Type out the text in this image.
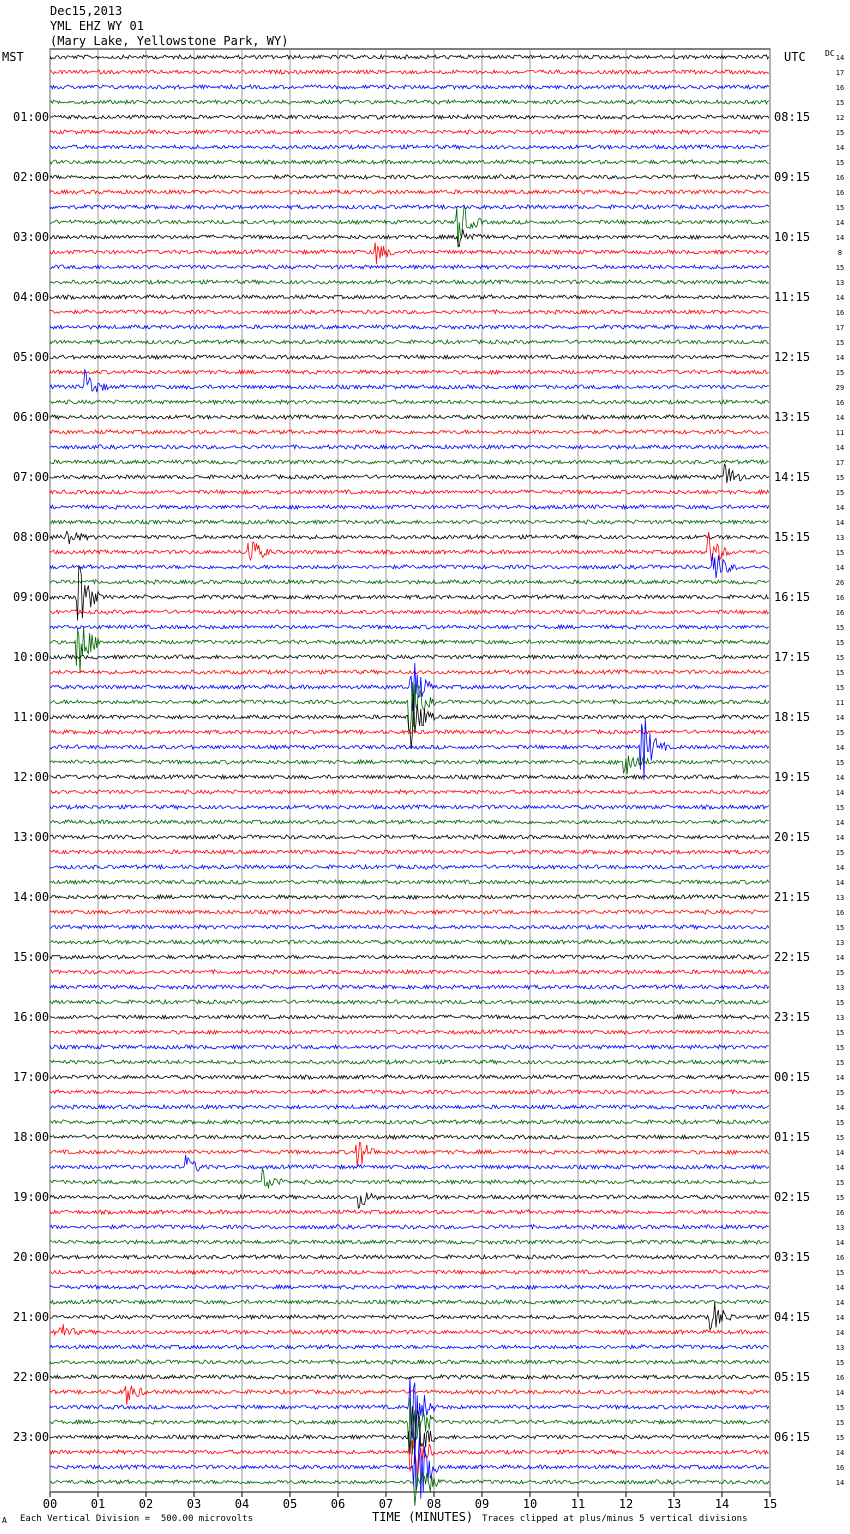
Dec15,2013
YML EHZ WY 01
(Mary Lake, Yellowstone Park, WY)
MST	UTC DC
00	01	02	03	04	05	06	07	08	09	10	11	12	13	14	15
14
17
16
15
12
15
14
15
16
16
15
14
14
8
15
13
14
16
17
15
14
15
29
16
14
11
14
17
15
15
14
14
13
15
14
26
16
16
15
15
15
15
15
11
14
15
14
15
14
14
15
14
14
15
14
14
13
16
15
13
14
15
13
15
13
15
15
15
14
15
14
15
15
14
14
15
15
16
13
14
16
15
14
14
14
14
13
15
16
14
15
15
15
14
16
14
01:00	08:15
02:00	09:15
03:00	10:15
04:00	11:15
05:00	12:15
06:00	13:15
07:00	14:15
08:00	15:15
09:00	16:15
10:00	17:15
11:00	18:15
12:00	19:15
13:00	20:15
14:00	21:15
15:00	22:15
16:00	23:15
17:00	00:15
18:00	01:15
19:00	02:15
20:00	03:15
21:00	04:15
22:00	05:15
23:00	06:15
A Each Vertical Division =  500.00 microvolts	TIME (MINUTES) Traces clipped at plus/minus 5 vertical divisions
